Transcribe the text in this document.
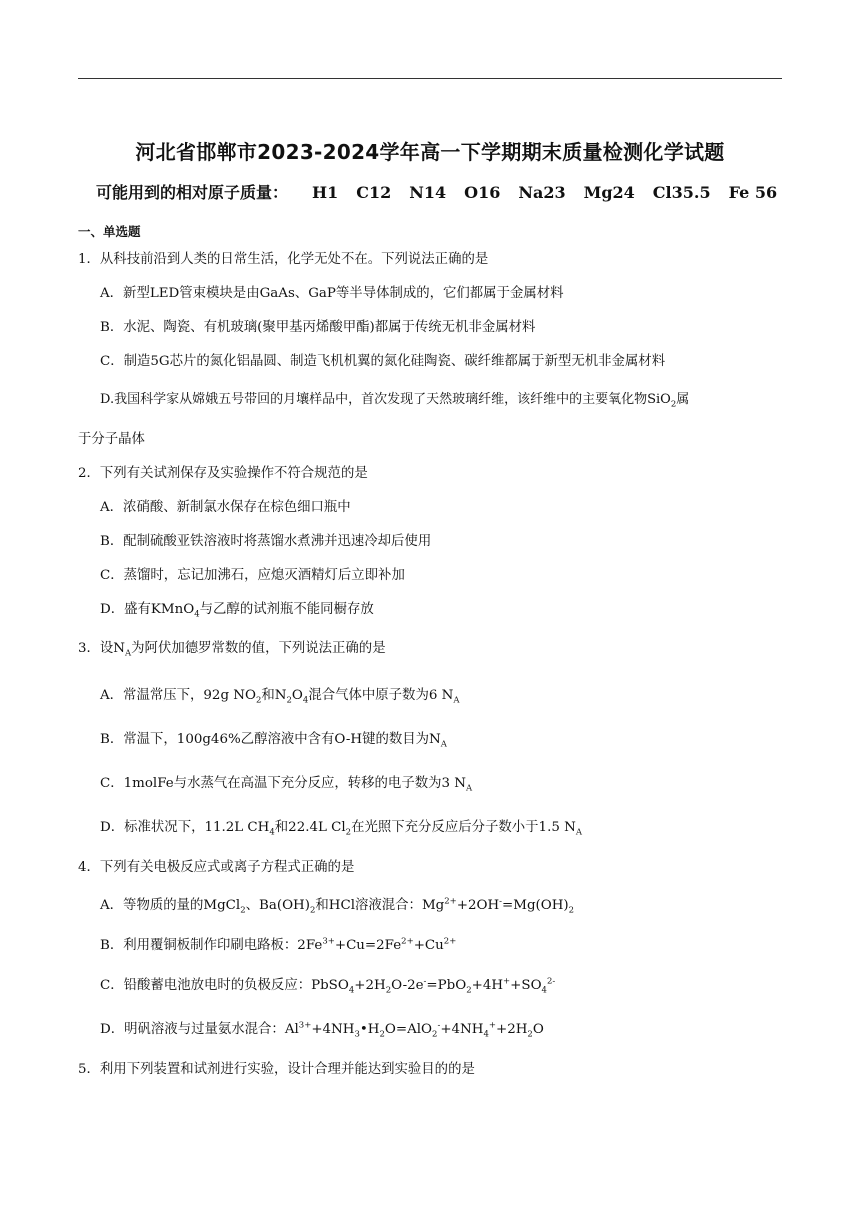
河北省邯郸市2023-2024学年高一下学期期末质量检测化学试题
可能用到的相对原子质量： H1 C12 N14 O16 Na23 Mg24 Cl35.5 Fe 56
一、单选题
1．从科技前沿到人类的日常生活，化学无处不在。下列说法正确的是
A．新型LED管束模块是由GaAs、GaP等半导体制成的，它们都属于金属材料
B．水泥、陶瓷、有机玻璃(聚甲基丙烯酸甲酯)都属于传统无机非金属材料
C．制造5G芯片的氮化铝晶圆、制造飞机机翼的氮化硅陶瓷、碳纤维都属于新型无机非金属材料
D.我国科学家从嫦娥五号带回的月壤样品中，首次发现了天然玻璃纤维，该纤维中的主要氧化物SiO$_2$属
于分子晶体
2．下列有关试剂保存及实验操作不符合规范的是
A．浓硝酸、新制氯水保存在棕色细口瓶中
B．配制硫酸亚铁溶液时将蒸馏水煮沸并迅速冷却后使用
C．蒸馏时，忘记加沸石，应熄灭酒精灯后立即补加
D．盛有KMnO$_4$与乙醇的试剂瓶不能同橱存放
3．设$N_A$为阿伏加德罗常数的值，下列说法正确的是
A．常温常压下，92g $NO_2$和$N_2O_4$混合气体中原子数为6 $N_A$
B．常温下，100g46%乙醇溶液中含有O-H键的数目为$N_A$
C．1molFe与水蒸气在高温下充分反应，转移的电子数为3 $N_A$
D．标准状况下，11.2L $CH_4$和22.4L $Cl_2$在光照下充分反应后分子数小于1.5 $N_A$
4．下列有关电极反应式或离子方程式正确的是
A．等物质的量的MgCl$_2$、$Ba(OH)_2$和HCl溶液混合：$Mg^{2+}+2OH^-=Mg(OH)_2$
B．利用覆铜板制作印刷电路板：$2Fe^{3+}+Cu=2Fe^{2+}+Cu^{2+}$
C．铅酸蓄电池放电时的负极反应：$PbSO_4+2H_2O-2e^-=PbO_2+4H^++SO_4^{2-}$
D．明矾溶液与过量氨水混合：$Al^{3+}+4NH_3•H_2O=AlO_2^-+4NH_4^++2H_2O$
5．利用下列装置和试剂进行实验，设计合理并能达到实验目的的是
